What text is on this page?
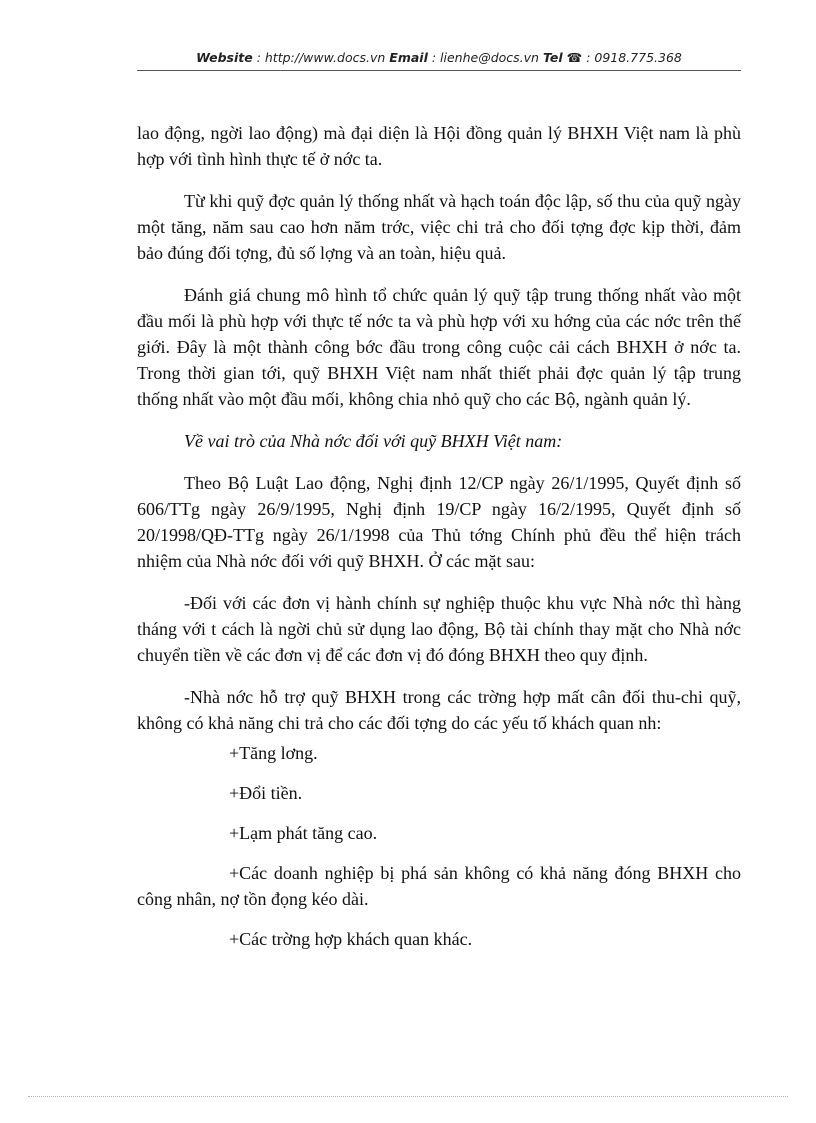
Website : http://www.docs.vn Email : lienhe@docs.vn Tel ☎ : 0918.775.368

lao động, ngời lao động) mà đại diện là Hội đồng quản lý BHXH Việt nam là phù hợp với tình hình thực tế ở nớc ta.

Từ khi quỹ đợc quản lý thống nhất và hạch toán độc lập, số thu của quỹ ngày một tăng, năm sau cao hơn năm trớc, việc chi trả cho đối tợng đợc kịp thời, đảm bảo đúng đối tợng, đủ số lợng và an toàn, hiệu quả.

Đánh giá chung mô hình tổ chức quản lý quỹ tập trung thống nhất vào một đầu mối là phù hợp với thực tế nớc ta và phù hợp với xu hớng của các nớc trên thế giới. Đây là một thành công bớc đầu trong công cuộc cải cách BHXH ở nớc ta. Trong thời gian tới, quỹ BHXH Việt nam nhất thiết phải đợc quản lý tập trung thống nhất vào một đầu mối, không chia nhỏ quỹ cho các Bộ, ngành quản lý.

Về vai trò của Nhà nớc đối với quỹ BHXH Việt nam:

Theo Bộ Luật Lao động, Nghị định 12/CP ngày 26/1/1995, Quyết định số 606/TTg ngày 26/9/1995, Nghị định 19/CP ngày 16/2/1995, Quyết định số 20/1998/QĐ-TTg ngày 26/1/1998 của Thủ tớng Chính phủ đều thể hiện trách nhiệm của Nhà nớc đối với quỹ BHXH. Ở các mặt sau:

-Đối với các đơn vị hành chính sự nghiệp thuộc khu vực Nhà nớc thì hàng tháng với t cách là ngời chủ sử dụng lao động, Bộ tài chính thay mặt cho Nhà nớc chuyển tiền về các đơn vị để các đơn vị đó đóng BHXH theo quy định.

-Nhà nớc hỗ trợ quỹ BHXH trong các trờng hợp mất cân đối thu-chi quỹ, không có khả năng chi trả cho các đối tợng do các yếu tố khách quan nh:

+Tăng lơng.

+Đổi tiền.

+Lạm phát tăng cao.

+Các doanh nghiệp bị phá sản không có khả năng đóng BHXH cho công nhân, nợ tồn đọng kéo dài.

+Các trờng hợp khách quan khác.
